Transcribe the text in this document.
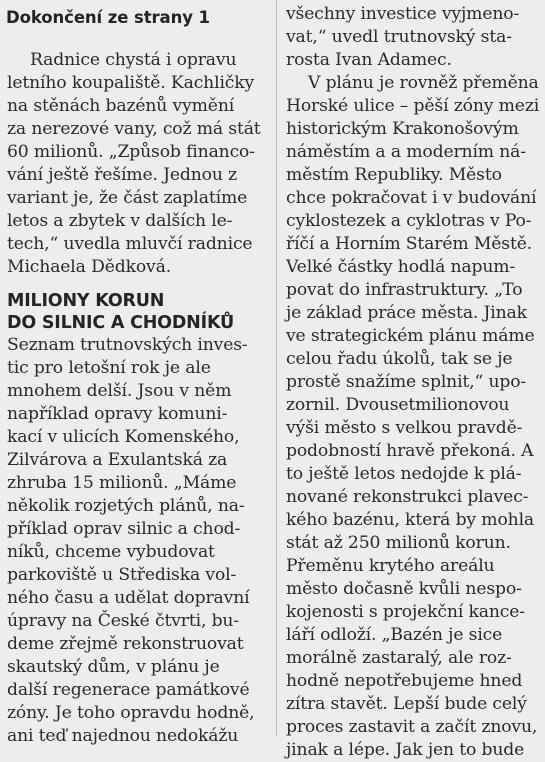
Dokončení ze strany 1
Radnice chystá i opravu
letního koupaliště. Kachličky
na stěnách bazénů vymění
za nerezové vany, což má stát
60 milionů. „Způsob financo-
vání ještě řešíme. Jednou z
variant je, že část zaplatíme
letos a zbytek v dalších le-
tech,“ uvedla mluvčí radnice
Michaela Dědková.
MILIONY KORUN
DO SILNIC A CHODNÍKŮ
Seznam trutnovských inves-
tic pro letošní rok je ale
mnohem delší. Jsou v něm
například opravy komuni-
kací v ulicích Komenského,
Zilvárova a Exulantská za
zhruba 15 milionů. „Máme
několik rozjetých plánů, na-
příklad oprav silnic a chod-
níků, chceme vybudovat
parkoviště u Střediska vol-
ného času a udělat dopravní
úpravy na České čtvrti, bu-
deme zřejmě rekonstruovat
skautský dům, v plánu je
další regenerace památkové
zóny. Je toho opravdu hodně,
ani teď najednou nedokážu
všechny investice vyjmeno-
vat,“ uvedl trutnovský sta-
rosta Ivan Adamec.
V plánu je rovněž přeměna
Horské ulice – pěší zóny mezi
historickým Krakonošovým
náměstím a a moderním ná-
městím Republiky. Město
chce pokračovat i v budování
cyklostezek a cyklotras v Po-
říčí a Horním Starém Městě.
Velké částky hodlá napum-
povat do infrastruktury. „To
je základ práce města. Jinak
ve strategickém plánu máme
celou řadu úkolů, tak se je
prostě snažíme splnit,“ upo-
zornil. Dvousetmilionovou
výši město s velkou pravdě-
podobností hravě překoná. A
to ještě letos nedojde k plá-
nované rekonstrukci plavec-
kého bazénu, která by mohla
stát až 250 milionů korun.
Přeměnu krytého areálu
město dočasně kvůli nespo-
kojenosti s projekční kance-
láří odloží. „Bazén je sice
morálně zastaralý, ale roz-
hodně nepotřebujeme hned
zítra stavět. Lepší bude celý
proces zastavit a začít znovu,
jinak a lépe. Jak jen to bude
